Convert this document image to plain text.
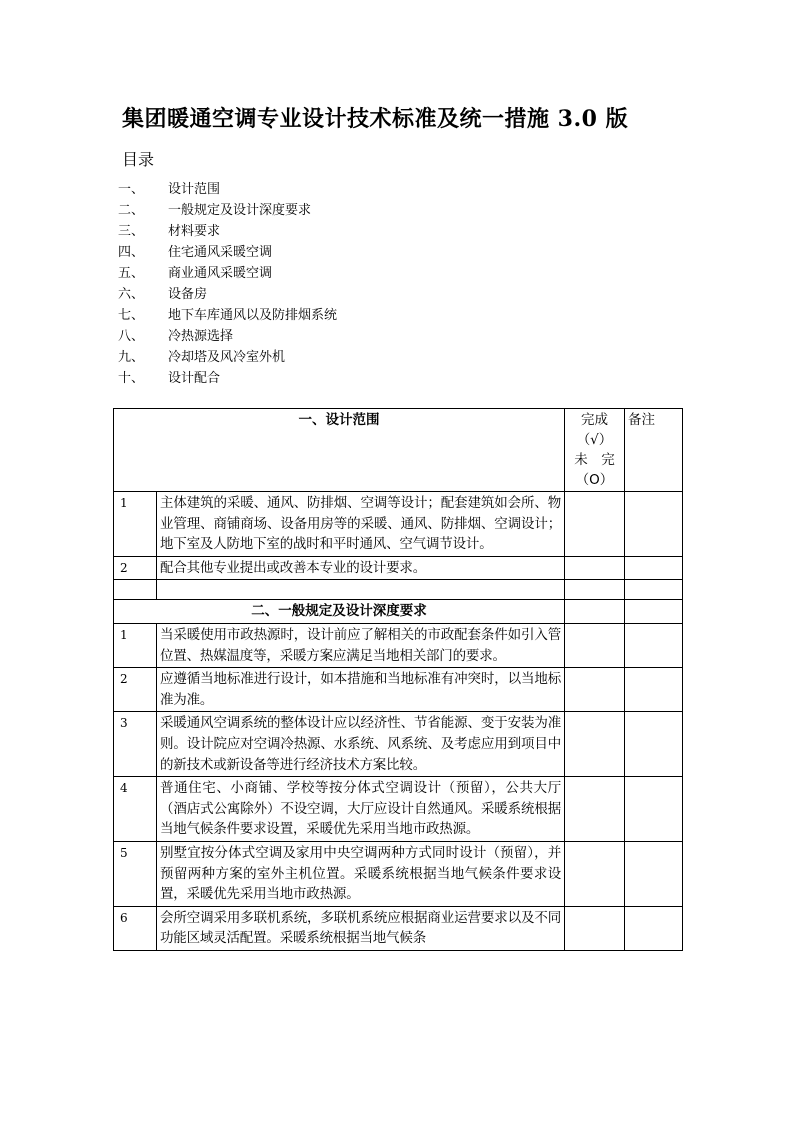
集团暖通空调专业设计技术标准及统一措施 3.0 版
目录
一、 设计范围
二、 一般规定及设计深度要求
三、 材料要求
四、 住宅通风采暖空调
五、 商业通风采暖空调
六、 设备房
七、 地下车库通风以及防排烟系统
八、 冷热源选择
九、 冷却塔及风冷室外机
十、 设计配合
一、设计范围		完成
（√）
未　完
（O）	备注
1	主体建筑的采暖、通风、防排烟、空调等设计；配套建筑如会所、物业管理、商铺商场、设备用房等的采暖、通风、防排烟、空调设计；地下室及人防地下室的战时和平时通风、空气调节设计。		
2	配合其他专业提出或改善本专业的设计要求。		

二、一般规定及设计深度要求			
1	当采暖使用市政热源时，设计前应了解相关的市政配套条件如引入管位置、热媒温度等，采暖方案应满足当地相关部门的要求。		
2	应遵循当地标准进行设计，如本措施和当地标准有冲突时，以当地标准为准。		
3	采暖通风空调系统的整体设计应以经济性、节省能源、变于安装为准则。设计院应对空调冷热源、水系统、风系统、及考虑应用到项目中的新技术或新设备等进行经济技术方案比较。		
4	普通住宅、小商铺、学校等按分体式空调设计（预留），公共大厅（酒店式公寓除外）不设空调，大厅应设计自然通风。采暖系统根据当地气候条件要求设置，采暖优先采用当地市政热源。		
5	别墅宜按分体式空调及家用中央空调两种方式同时设计（预留），并预留两种方案的室外主机位置。采暖系统根据当地气候条件要求设置，采暖优先采用当地市政热源。		
6	会所空调采用多联机系统，多联机系统应根据商业运营要求以及不同功能区域灵活配置。采暖系统根据当地气候条		
